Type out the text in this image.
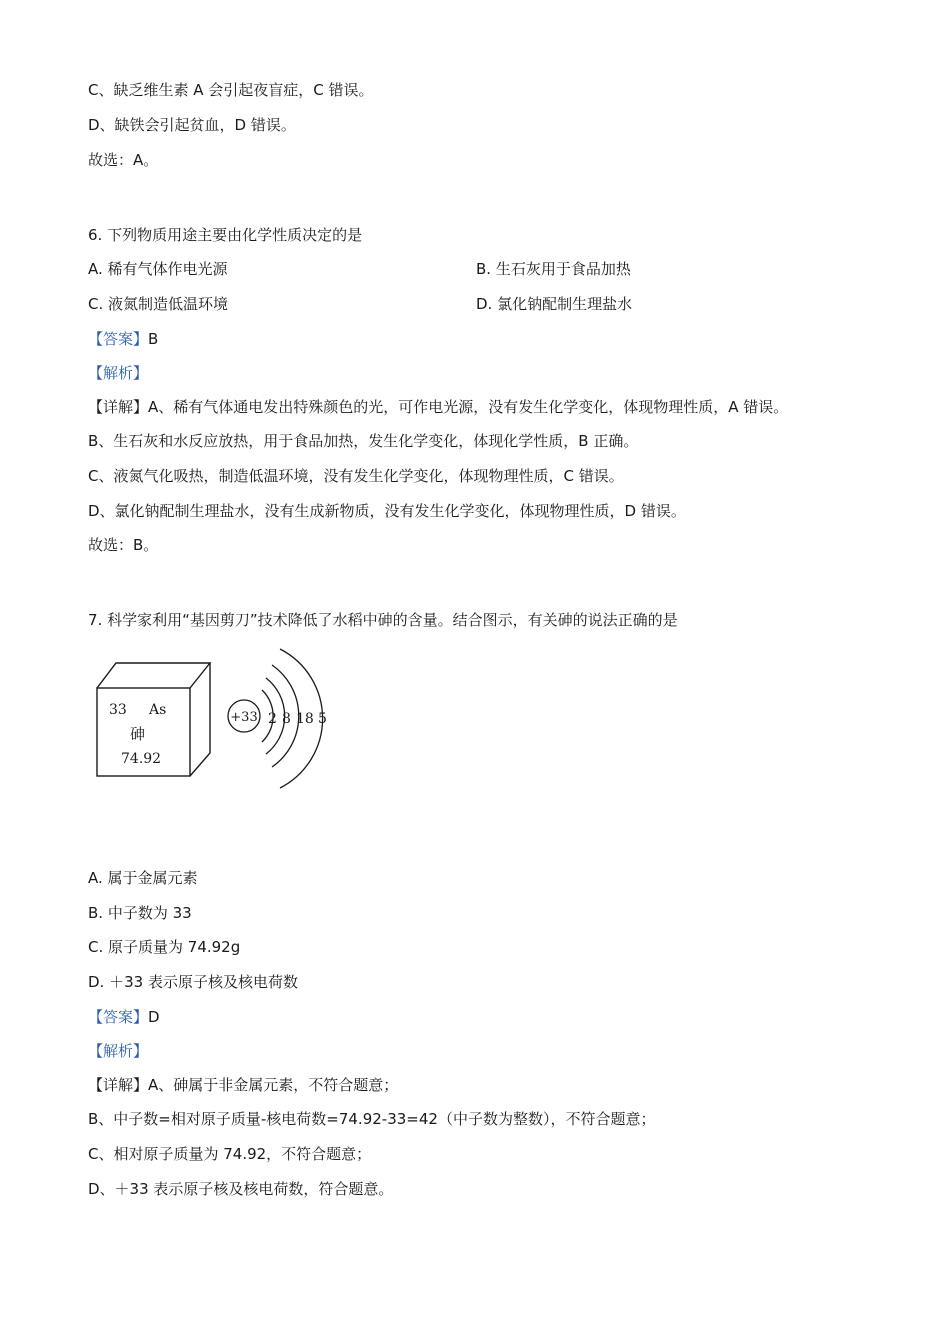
C、缺乏维生素 A 会引起夜盲症，C 错误。
D、缺铁会引起贫血，D 错误。
故选：A。
6. 下列物质用途主要由化学性质决定的是
A. 稀有气体作电光源	B. 生石灰用于食品加热
C. 液氮制造低温环境	D. 氯化钠配制生理盐水
【答案】B
【解析】
【详解】A、稀有气体通电发出特殊颜色的光，可作电光源，没有发生化学变化，体现物理性质，A 错误。
B、生石灰和水反应放热，用于食品加热，发生化学变化，体现化学性质，B 正确。
C、液氮气化吸热，制造低温环境，没有发生化学变化，体现物理性质，C 错误。
D、氯化钠配制生理盐水，没有生成新物质，没有发生化学变化，体现物理性质，D 错误。
故选：B。
7. 科学家利用“基因剪刀”技术降低了水稻中砷的含量。结合图示，有关砷的说法正确的是
33 As
砷
74.92
+33 2 8 18 5
A. 属于金属元素
B. 中子数为 33
C. 原子质量为 74.92g
D. ＋33 表示原子核及核电荷数
【答案】D
【解析】
【详解】A、砷属于非金属元素，不符合题意；
B、中子数=相对原子质量-核电荷数=74.92-33=42（中子数为整数），不符合题意；
C、相对原子质量为 74.92，不符合题意；
D、＋33 表示原子核及核电荷数，符合题意。
